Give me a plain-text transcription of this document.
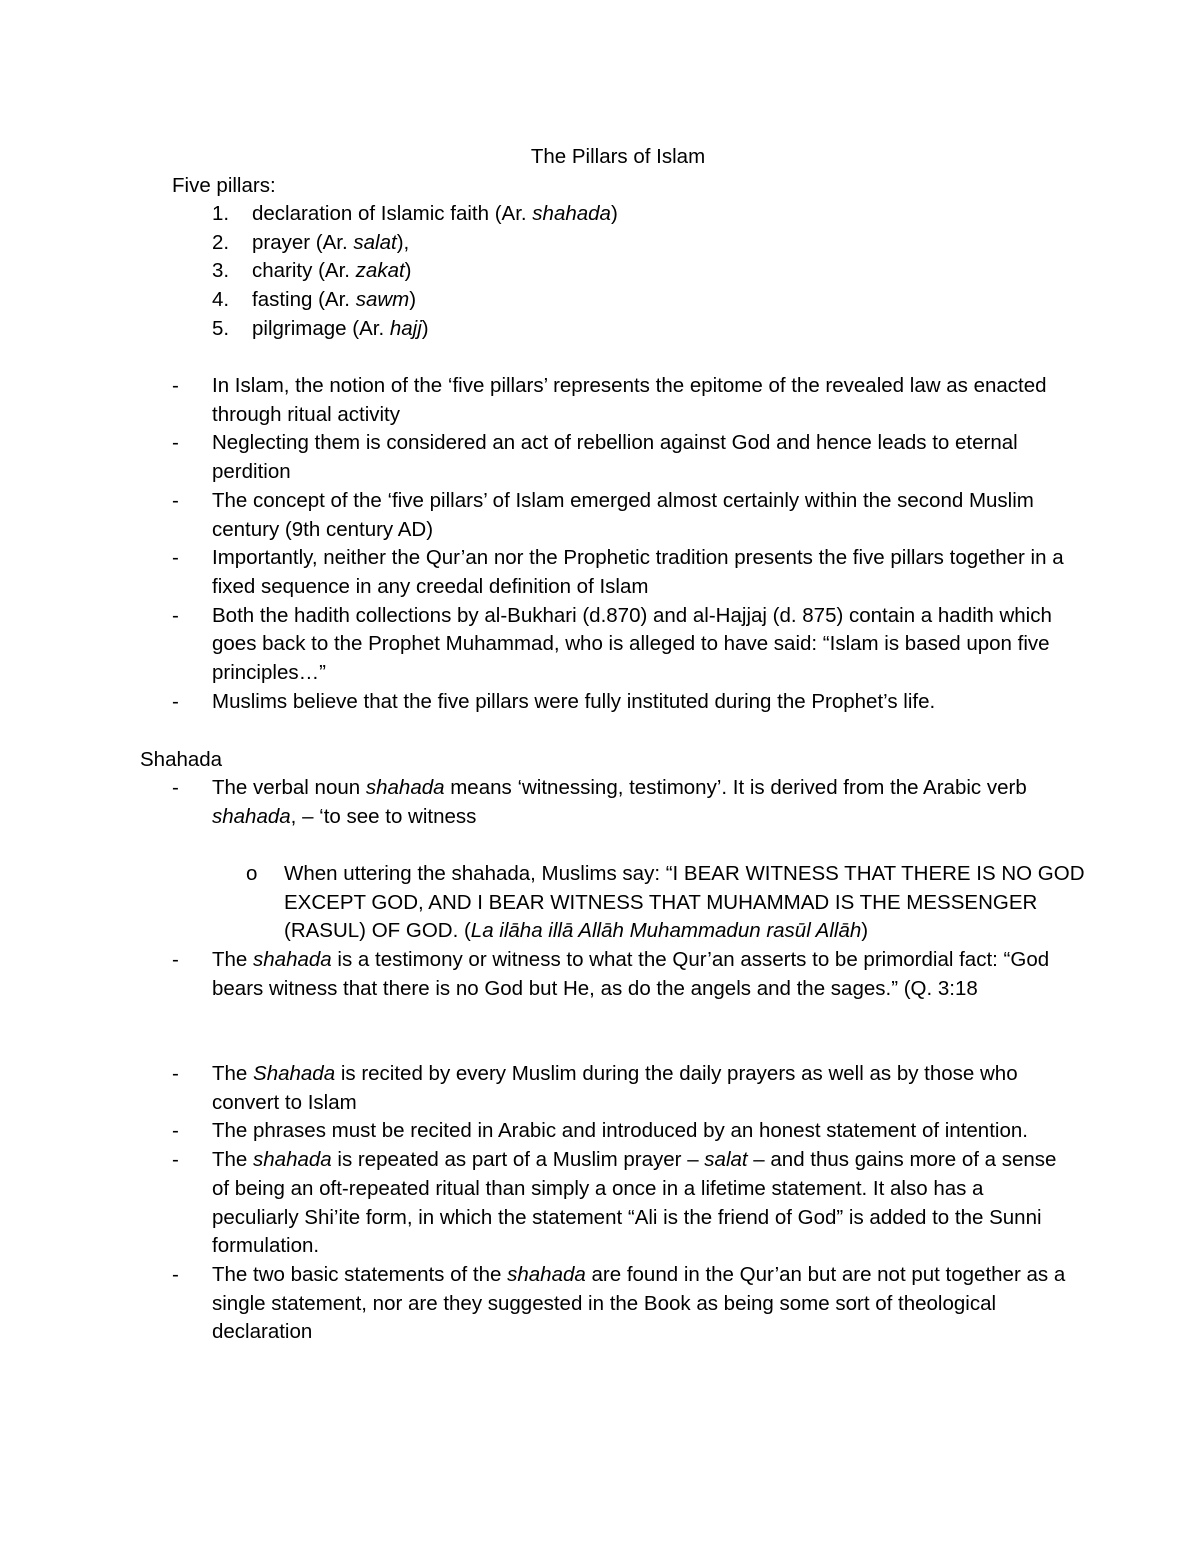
The Pillars of Islam
Five pillars:
1. declaration of Islamic faith (Ar. shahada)
2. prayer (Ar. salat),
3. charity (Ar. zakat)
4. fasting (Ar. sawm)
5. pilgrimage (Ar. hajj)
- In Islam, the notion of the ‘five pillars’ represents the epitome of the revealed law as enacted through ritual activity
- Neglecting them is considered an act of rebellion against God and hence leads to eternal perdition
- The concept of the ‘five pillars’ of Islam emerged almost certainly within the second Muslim century (9th century AD)
- Importantly, neither the Qur’an nor the Prophetic tradition presents the five pillars together in a fixed sequence in any creedal definition of Islam
- Both the hadith collections by al-Bukhari (d.870) and al-Hajjaj (d. 875) contain a hadith which goes back to the Prophet Muhammad, who is alleged to have said: “Islam is based upon five principles…”
- Muslims believe that the five pillars were fully instituted during the Prophet’s life.
Shahada
- The verbal noun shahada means ‘witnessing, testimony’. It is derived from the Arabic verb shahada, – ‘to see to witness
o When uttering the shahada, Muslims say: “I BEAR WITNESS THAT THERE IS NO GOD EXCEPT GOD, AND I BEAR WITNESS THAT MUHAMMAD IS THE MESSENGER (RASUL) OF GOD. (La ilāha illā Allāh Muhammadun rasūl Allāh)
- The shahada is a testimony or witness to what the Qur’an asserts to be primordial fact: “God bears witness that there is no God but He, as do the angels and the sages.” (Q. 3:18
- The Shahada is recited by every Muslim during the daily prayers as well as by those who convert to Islam
- The phrases must be recited in Arabic and introduced by an honest statement of intention.
- The shahada is repeated as part of a Muslim prayer – salat – and thus gains more of a sense of being an oft-repeated ritual than simply a once in a lifetime statement. It also has a peculiarly Shi’ite form, in which the statement “Ali is the friend of God” is added to the Sunni formulation.
- The two basic statements of the shahada are found in the Qur’an but are not put together as a single statement, nor are they suggested in the Book as being some sort of theological declaration
